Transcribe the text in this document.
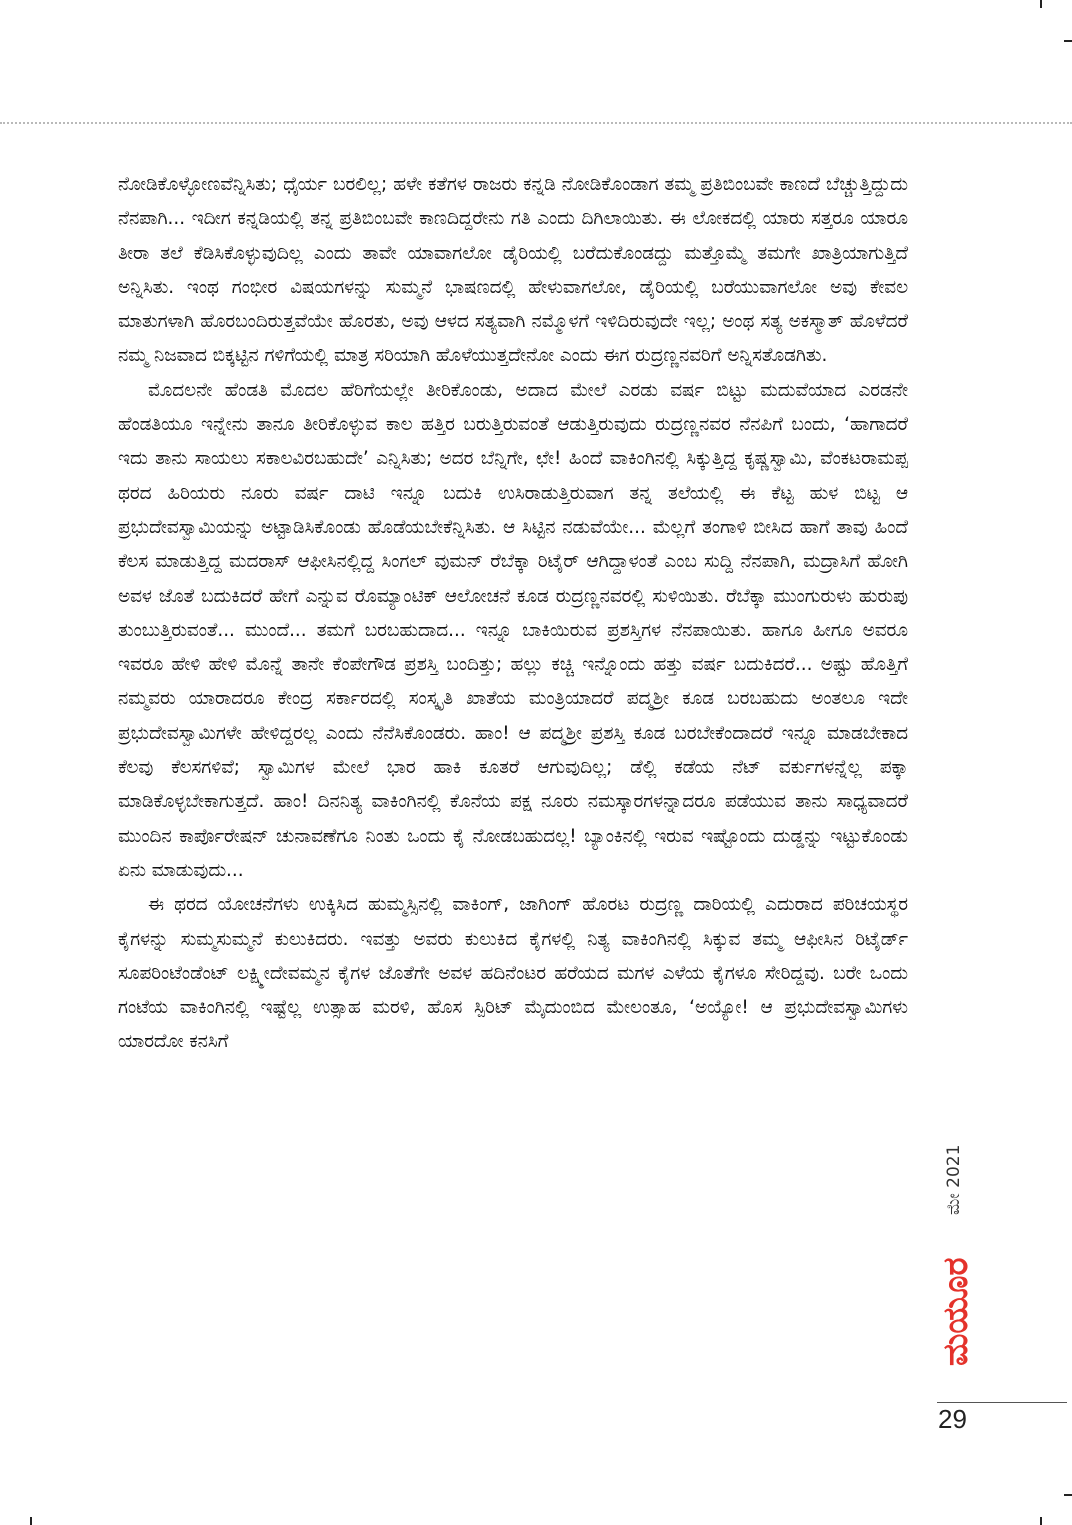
ನೋಡಿಕೊಳ್ಳೋಣವೆನ್ನಿಸಿತು; ಧೈರ್ಯ ಬರಲಿಲ್ಲ; ಹಳೇ ಕತೆಗಳ ರಾಜರು ಕನ್ನಡಿ ನೋಡಿಕೊಂಡಾಗ ತಮ್ಮ ಪ್ರತಿಬಿಂಬವೇ ಕಾಣದೆ ಬೆಚ್ಚುತ್ತಿದ್ದುದು ನೆನಪಾಗಿ... ಇದೀಗ ಕನ್ನಡಿಯಲ್ಲಿ ತನ್ನ ಪ್ರತಿಬಿಂಬವೇ ಕಾಣದಿದ್ದರೇನು ಗತಿ ಎಂದು ದಿಗಿಲಾಯಿತು. ಈ ಲೋಕದಲ್ಲಿ ಯಾರು ಸತ್ತರೂ ಯಾರೂ ತೀರಾ ತಲೆ ಕೆಡಿಸಿಕೊಳ್ಳುವುದಿಲ್ಲ ಎಂದು ತಾವೇ ಯಾವಾಗಲೋ ಡೈರಿಯಲ್ಲಿ ಬರೆದುಕೊಂಡದ್ದು ಮತ್ತೊಮ್ಮೆ ತಮಗೇ ಖಾತ್ರಿಯಾಗುತ್ತಿದೆ ಅನ್ನಿಸಿತು. ಇಂಥ ಗಂಭೀರ ವಿಷಯಗಳನ್ನು ಸುಮ್ಮನೆ ಭಾಷಣದಲ್ಲಿ ಹೇಳುವಾಗಲೋ, ಡೈರಿಯಲ್ಲಿ ಬರೆಯುವಾಗಲೋ ಅವು ಕೇವಲ ಮಾತುಗಳಾಗಿ ಹೊರಬಂದಿರುತ್ತವೆಯೇ ಹೊರತು, ಅವು ಆಳದ ಸತ್ಯವಾಗಿ ನಮ್ಮೊಳಗೆ ಇಳಿದಿರುವುದೇ ಇಲ್ಲ; ಅಂಥ ಸತ್ಯ ಅಕಸ್ಮಾತ್ ಹೊಳೆದರೆ ನಮ್ಮ ನಿಜವಾದ ಬಿಕ್ಕಟ್ಟಿನ ಗಳಿಗೆಯಲ್ಲಿ ಮಾತ್ರ ಸರಿಯಾಗಿ ಹೊಳೆಯುತ್ತದೇನೋ ಎಂದು ಈಗ ರುದ್ರಣ್ಣನವರಿಗೆ ಅನ್ನಿಸತೊಡಗಿತು.

ಮೊದಲನೇ ಹೆಂಡತಿ ಮೊದಲ ಹೆರಿಗೆಯಲ್ಲೇ ತೀರಿಕೊಂಡು, ಅದಾದ ಮೇಲೆ ಎರಡು ವರ್ಷ ಬಿಟ್ಟು ಮದುವೆಯಾದ ಎರಡನೇ ಹೆಂಡತಿಯೂ ಇನ್ನೇನು ತಾನೂ ತೀರಿಕೊಳ್ಳುವ ಕಾಲ ಹತ್ತಿರ ಬರುತ್ತಿರುವಂತೆ ಆಡುತ್ತಿರುವುದು ರುದ್ರಣ್ಣನವರ ನೆನಪಿಗೆ ಬಂದು, ‘ಹಾಗಾದರೆ ಇದು ತಾನು ಸಾಯಲು ಸಕಾಲವಿರಬಹುದೇ’ ಎನ್ನಿಸಿತು; ಅದರ ಬೆನ್ನಿಗೇ, ಛೇ! ಹಿಂದೆ ವಾಕಿಂಗಿನಲ್ಲಿ ಸಿಕ್ಕುತ್ತಿದ್ದ ಕೃಷ್ಣಸ್ವಾಮಿ, ವೆಂಕಟರಾಮಪ್ಪ ಥರದ ಹಿರಿಯರು ನೂರು ವರ್ಷ ದಾಟಿ ಇನ್ನೂ ಬದುಕಿ ಉಸಿರಾಡುತ್ತಿರುವಾಗ ತನ್ನ ತಲೆಯಲ್ಲಿ ಈ ಕೆಟ್ಟ ಹುಳ ಬಿಟ್ಟ ಆ ಪ್ರಭುದೇವಸ್ವಾಮಿಯನ್ನು ಅಟ್ಟಾಡಿಸಿಕೊಂಡು ಹೊಡೆಯಬೇಕೆನ್ನಿಸಿತು. ಆ ಸಿಟ್ಟಿನ ನಡುವೆಯೇ... ಮೆಲ್ಲಗೆ ತಂಗಾಳಿ ಬೀಸಿದ ಹಾಗೆ ತಾವು ಹಿಂದೆ ಕೆಲಸ ಮಾಡುತ್ತಿದ್ದ ಮದರಾಸ್ ಆಫೀಸಿನಲ್ಲಿದ್ದ ಸಿಂಗಲ್ ವುಮನ್ ರೆಬೆಕ್ಕಾ ರಿಟೈರ್ ಆಗಿದ್ದಾಳಂತೆ ಎಂಬ ಸುದ್ದಿ ನೆನಪಾಗಿ, ಮದ್ರಾಸಿಗೆ ಹೋಗಿ ಅವಳ ಜೊತೆ ಬದುಕಿದರೆ ಹೇಗೆ ಎನ್ನುವ ರೊಮ್ಯಾಂಟಿಕ್ ಆಲೋಚನೆ ಕೂಡ ರುದ್ರಣ್ಣನವರಲ್ಲಿ ಸುಳಿಯಿತು. ರೆಬೆಕ್ಕಾ ಮುಂಗುರುಳು ಹುರುಪು ತುಂಬುತ್ತಿರುವಂತೆ... ಮುಂದೆ... ತಮಗೆ ಬರಬಹುದಾದ... ಇನ್ನೂ ಬಾಕಿಯಿರುವ ಪ್ರಶಸ್ತಿಗಳ ನೆನಪಾಯಿತು. ಹಾಗೂ ಹೀಗೂ ಅವರೂ ಇವರೂ ಹೇಳಿ ಹೇಳಿ ಮೊನ್ನೆ ತಾನೇ ಕೆಂಪೇಗೌಡ ಪ್ರಶಸ್ತಿ ಬಂದಿತ್ತು; ಹಲ್ಲು ಕಚ್ಚಿ ಇನ್ನೊಂದು ಹತ್ತು ವರ್ಷ ಬದುಕಿದರೆ... ಅಷ್ಟು ಹೊತ್ತಿಗೆ ನಮ್ಮವರು ಯಾರಾದರೂ ಕೇಂದ್ರ ಸರ್ಕಾರದಲ್ಲಿ ಸಂಸ್ಕೃತಿ ಖಾತೆಯ ಮಂತ್ರಿಯಾದರೆ ಪದ್ಮಶ್ರೀ ಕೂಡ ಬರಬಹುದು ಅಂತಲೂ ಇದೇ ಪ್ರಭುದೇವಸ್ವಾಮಿಗಳೇ ಹೇಳಿದ್ದರಲ್ಲ ಎಂದು ನೆನೆಸಿಕೊಂಡರು. ಹಾಂ! ಆ ಪದ್ಮಶ್ರೀ ಪ್ರಶಸ್ತಿ ಕೂಡ ಬರಬೇಕೆಂದಾದರೆ ಇನ್ನೂ ಮಾಡಬೇಕಾದ ಕೆಲವು ಕೆಲಸಗಳಿವೆ; ಸ್ವಾಮಿಗಳ ಮೇಲೆ ಭಾರ ಹಾಕಿ ಕೂತರೆ ಆಗುವುದಿಲ್ಲ; ಡೆಲ್ಲಿ ಕಡೆಯ ನೆಟ್ ವರ್ಕುಗಳನ್ನೆಲ್ಲ ಪಕ್ಕಾ ಮಾಡಿಕೊಳ್ಳಬೇಕಾಗುತ್ತದೆ. ಹಾಂ! ದಿನನಿತ್ಯ ವಾಕಿಂಗಿನಲ್ಲಿ ಕೊನೆಯ ಪಕ್ಷ ನೂರು ನಮಸ್ಕಾರಗಳನ್ನಾದರೂ ಪಡೆಯುವ ತಾನು ಸಾಧ್ಯವಾದರೆ ಮುಂದಿನ ಕಾರ್ಪೊರೇಷನ್ ಚುನಾವಣೆಗೂ ನಿಂತು ಒಂದು ಕೈ ನೋಡಬಹುದಲ್ಲ! ಬ್ಯಾಂಕಿನಲ್ಲಿ ಇರುವ ಇಷ್ಟೊಂದು ದುಡ್ಡನ್ನು ಇಟ್ಟುಕೊಂಡು ಏನು ಮಾಡುವುದು...

ಈ ಥರದ ಯೋಚನೆಗಳು ಉಕ್ಕಿಸಿದ ಹುಮ್ಮಸ್ಸಿನಲ್ಲಿ ವಾಕಿಂಗ್, ಜಾಗಿಂಗ್ ಹೊರಟ ರುದ್ರಣ್ಣ ದಾರಿಯಲ್ಲಿ ಎದುರಾದ ಪರಿಚಯಸ್ಥರ ಕೈಗಳನ್ನು ಸುಮ್ಮಸುಮ್ಮನೆ ಕುಲುಕಿದರು. ಇವತ್ತು ಅವರು ಕುಲುಕಿದ ಕೈಗಳಲ್ಲಿ ನಿತ್ಯ ವಾಕಿಂಗಿನಲ್ಲಿ ಸಿಕ್ಕುವ ತಮ್ಮ ಆಫೀಸಿನ ರಿಟೈರ್ಡ್ ಸೂಪರಿಂಟೆಂಡೆಂಟ್ ಲಕ್ಷ್ಮೀದೇವಮ್ಮನ ಕೈಗಳ ಜೊತೆಗೇ ಅವಳ ಹದಿನೆಂಟರ ಹರೆಯದ ಮಗಳ ಎಳೆಯ ಕೈಗಳೂ ಸೇರಿದ್ದವು. ಬರೇ ಒಂದು ಗಂಟೆಯ ವಾಕಿಂಗಿನಲ್ಲಿ ಇಷ್ಟೆಲ್ಲ ಉತ್ಸಾಹ ಮರಳಿ, ಹೊಸ ಸ್ಪಿರಿಟ್ ಮೈದುಂಬಿದ ಮೇಲಂತೂ, ‘ಅಯ್ಯೋ! ಆ ಪ್ರಭುದೇವಸ್ವಾಮಿಗಳು ಯಾರದೋ ಕನಸಿಗೆ

ಮೇ 2021
ಮಯೂರ
29
